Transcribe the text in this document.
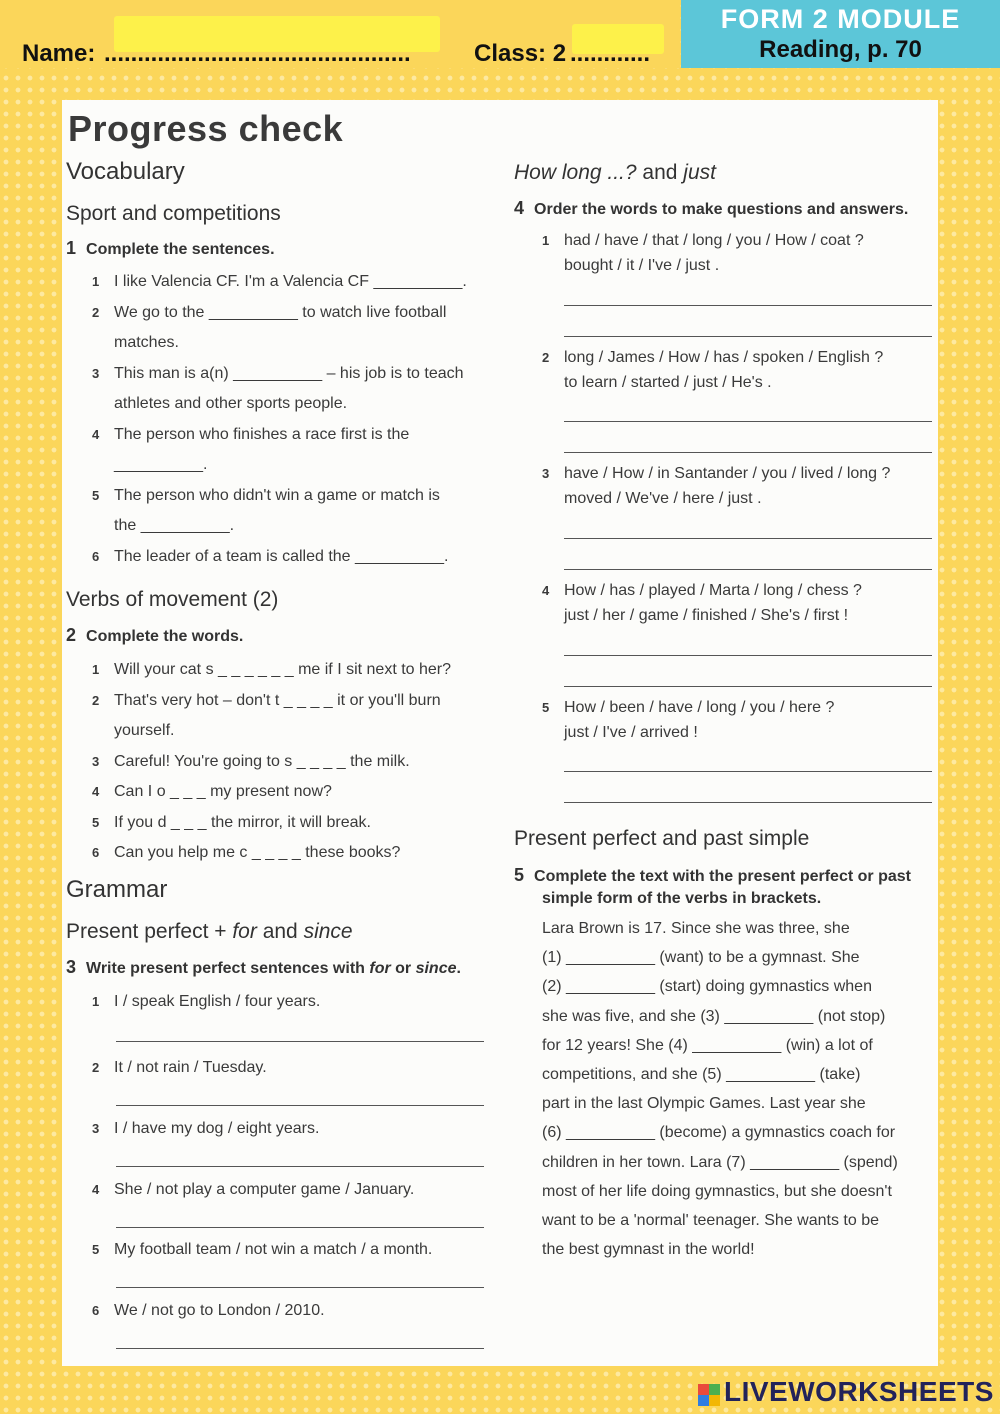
Name: ..............................................	Class: 2 ............
FORM 2 MODULE
Reading, p. 70
Progress check
Vocabulary
Sport and competitions
1 Complete the sentences.
1 I like Valencia CF. I'm a Valencia CF __________.
2 We go to the __________ to watch live football
matches.
3 This man is a(n) __________ – his job is to teach
athletes and other sports people.
4 The person who finishes a race first is the
__________.
5 The person who didn't win a game or match is
the __________.
6 The leader of a team is called the __________.
Verbs of movement (2)
2 Complete the words.
1 Will your cat s _ _ _ _ _ _ me if I sit next to her?
2 That's very hot – don't t _ _ _ _ it or you'll burn
yourself.
3 Careful! You're going to s _ _ _ _ the milk.
4 Can I o _ _ _ my present now?
5 If you d _ _ _ the mirror, it will break.
6 Can you help me c _ _ _ _ these books?
Grammar
Present perfect + for and since
3 Write present perfect sentences with for or since.
1 I / speak English / four years.
2 It / not rain / Tuesday.
3 I / have my dog / eight years.
4 She / not play a computer game / January.
5 My football team / not win a match / a month.
6 We / not go to London / 2010.
How long ...? and just
4 Order the words to make questions and answers.
1 had / have / that / long / you / How / coat ?
bought / it / I've / just .
2 long / James / How / has / spoken / English ?
to learn / started / just / He's .
3 have / How / in Santander / you / lived / long ?
moved / We've / here / just .
4 How / has / played / Marta / long / chess ?
just / her / game / finished / She's / first !
5 How / been / have / long / you / here ?
just / I've / arrived !
Present perfect and past simple
5 Complete the text with the present perfect or past
simple form of the verbs in brackets.
Lara Brown is 17. Since she was three, she
(1) __________ (want) to be a gymnast. She
(2) __________ (start) doing gymnastics when
she was five, and she (3) __________ (not stop)
for 12 years! She (4) __________ (win) a lot of
competitions, and she (5) __________ (take)
part in the last Olympic Games. Last year she
(6) __________ (become) a gymnastics coach for
children in her town. Lara (7) __________ (spend)
most of her life doing gymnastics, but she doesn't
want to be a 'normal' teenager. She wants to be
the best gymnast in the world!
LIVEWORKSHEETS
